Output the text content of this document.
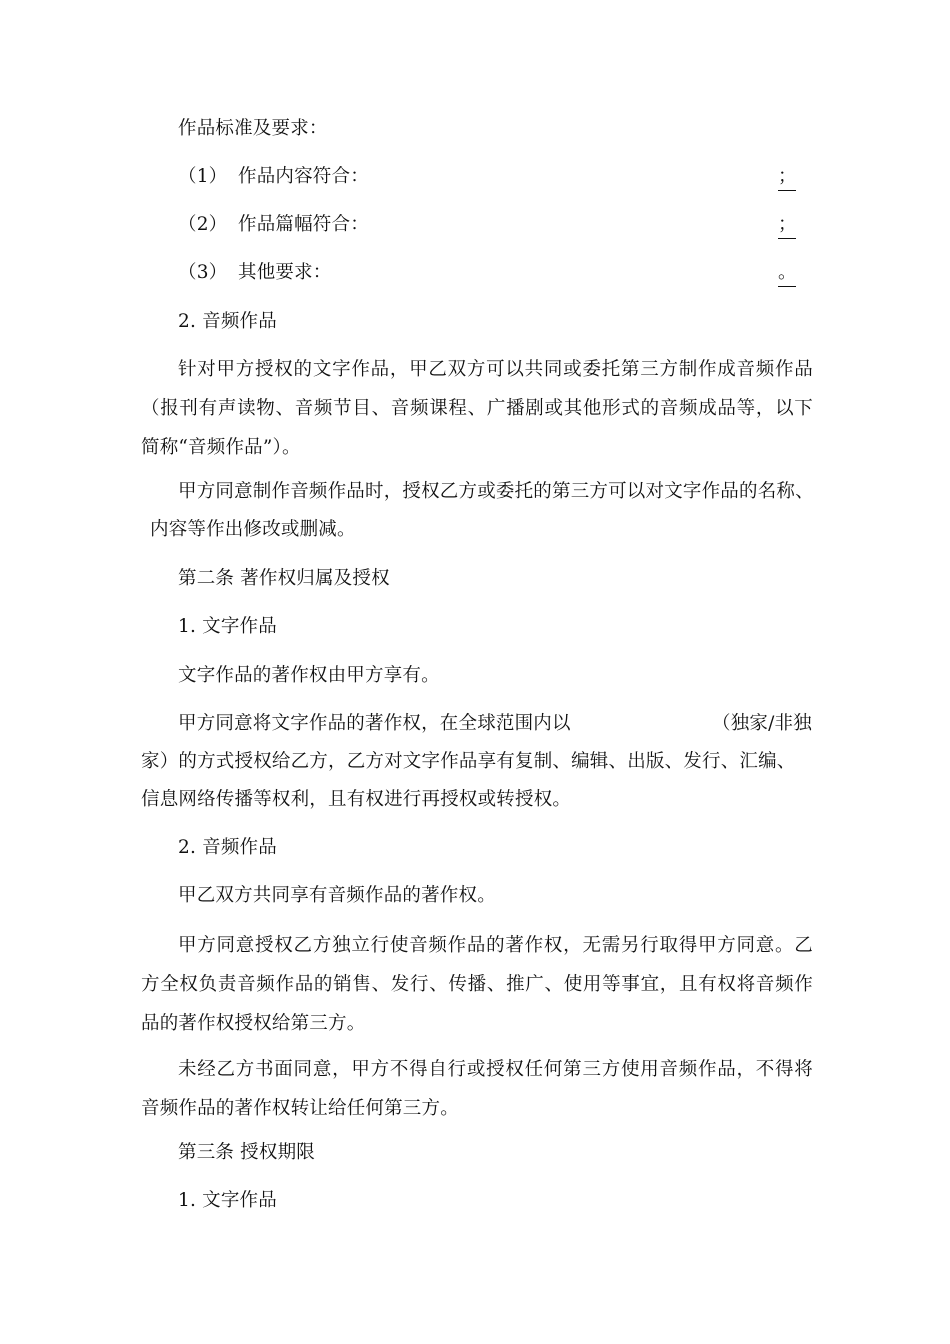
作品标准及要求：
（1） 作品内容符合：	；
（2） 作品篇幅符合：	；
（3） 其他要求：	。
2. 音频作品
针对甲方授权的文字作品，甲乙双方可以共同或委托第三方制作成音频作品（报刊有声读物、音频节目、音频课程、广播剧或其他形式的音频成品等，以下简称“音频作品”）。
甲方同意制作音频作品时，授权乙方或委托的第三方可以对文字作品的名称、
内容等作出修改或删减。
第二条 著作权归属及授权
1. 文字作品
文字作品的著作权由甲方享有。
甲方同意将文字作品的著作权，在全球范围内以	（独家/非独
家）的方式授权给乙方，乙方对文字作品享有复制、编辑、出版、发行、汇编、
信息网络传播等权利，且有权进行再授权或转授权。
2. 音频作品
甲乙双方共同享有音频作品的著作权。
甲方同意授权乙方独立行使音频作品的著作权，无需另行取得甲方同意。乙方全权负责音频作品的销售、发行、传播、推广、使用等事宜，且有权将音频作品的著作权授权给第三方。
未经乙方书面同意，甲方不得自行或授权任何第三方使用音频作品，不得将音频作品的著作权转让给任何第三方。
第三条 授权期限
1. 文字作品
